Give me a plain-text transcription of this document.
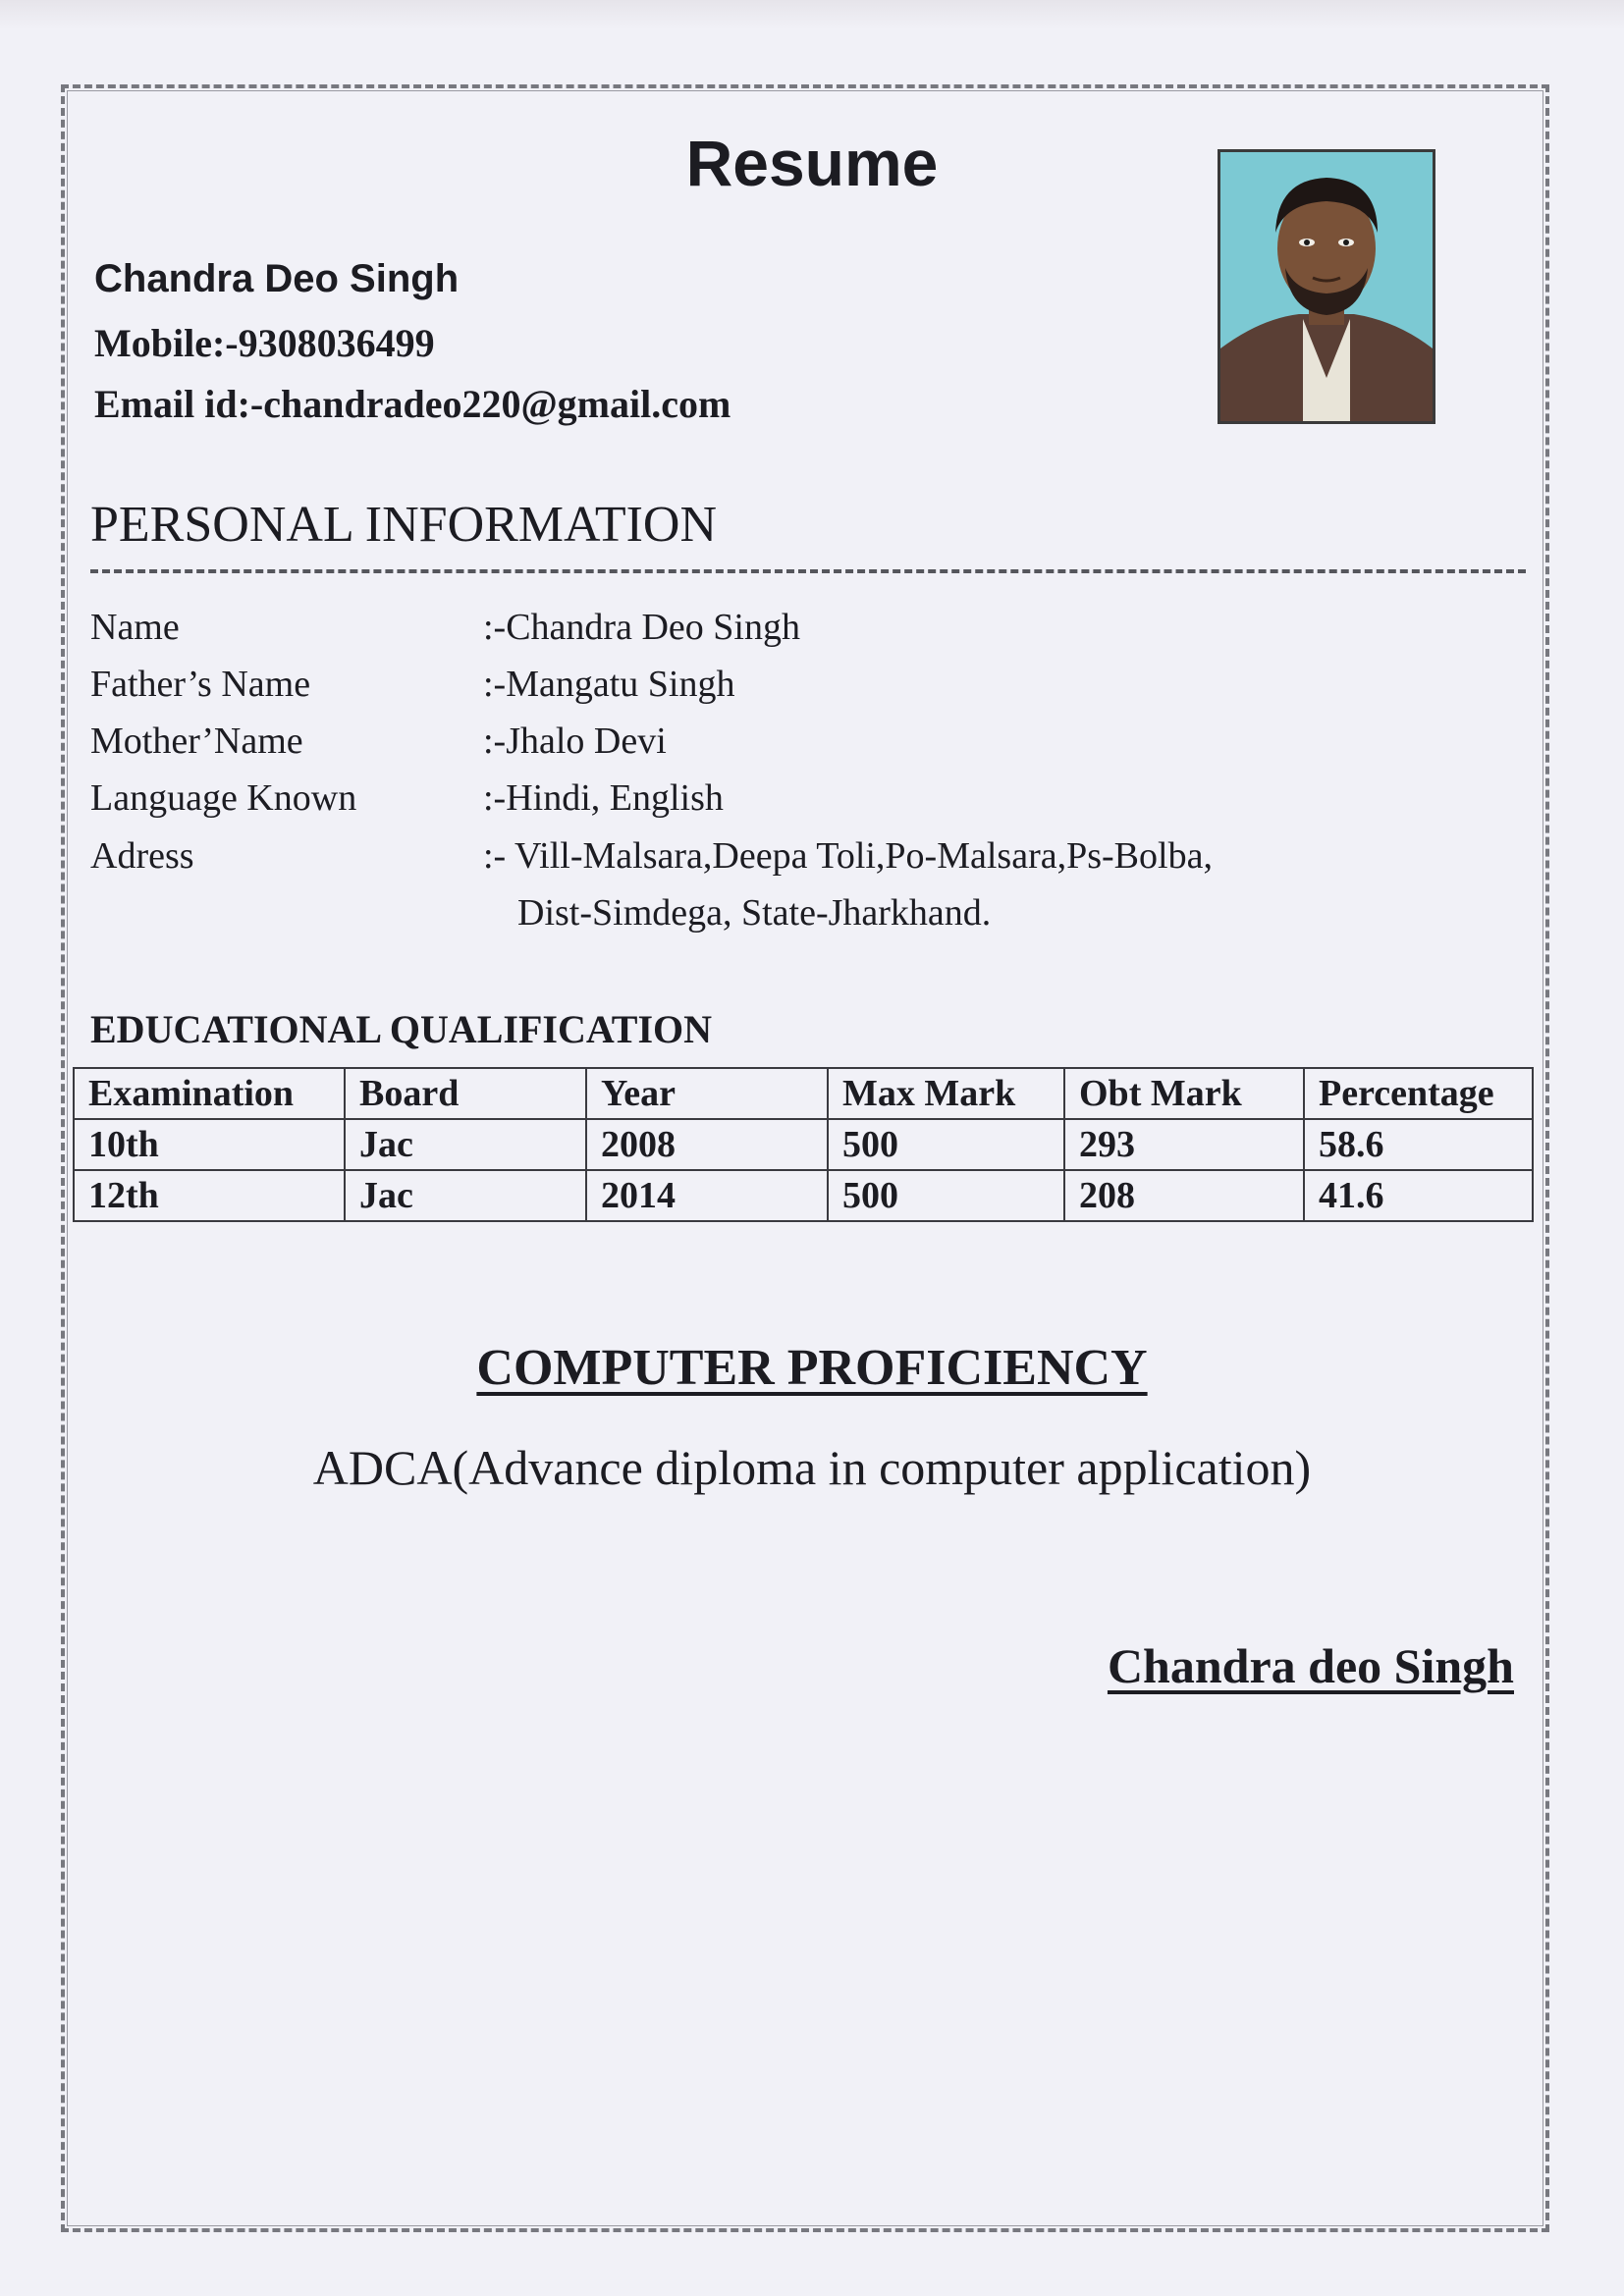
Resume
Chandra Deo Singh
Mobile:-9308036499
Email id:-chandradeo220@gmail.com
PERSONAL INFORMATION
Name	:-Chandra Deo Singh
Father’s Name	:-Mangatu Singh
Mother’Name	:-Jhalo Devi
Language Known	:-Hindi, English
Adress	:- Vill-Malsara,Deepa Toli,Po-Malsara,Ps-Bolba,
Dist-Simdega, State-Jharkhand.
EDUCATIONAL QUALIFICATION
Examination	Board	Year	Max Mark	Obt Mark	Percentage
10th	Jac	2008	500	293	58.6
12th	Jac	2014	500	208	41.6
COMPUTER PROFICIENCY
ADCA(Advance diploma in computer application)
Chandra deo Singh
